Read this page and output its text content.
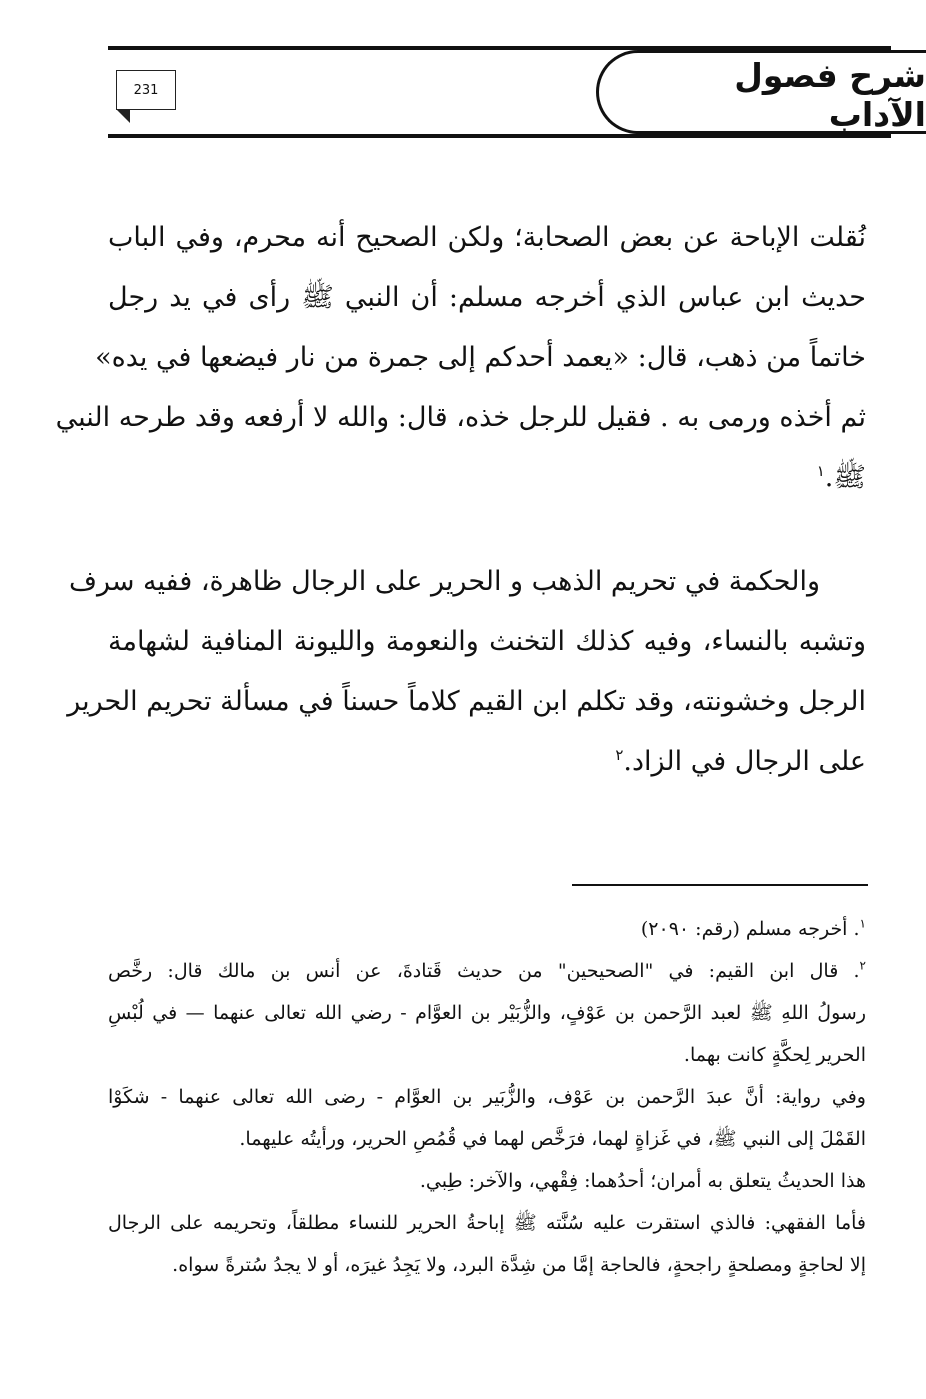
شرح فصول الآداب
231
نُقلت الإباحة عن بعض الصحابة؛ ولكن الصحيح أنه محرم، وفي الباب
حديث ابن عباس الذي أخرجه مسلم: أن النبي ﷺ رأى في يد رجل
خاتماً من ذهب، قال: «يعمد أحدكم إلى جمرة من نار فيضعها في يده»
ثم أخذه ورمى به . فقيل للرجل خذه، قال: والله لا أرفعه وقد طرحه النبي
ﷺ.$^١$
والحكمة في تحريم الذهب و الحرير على الرجال ظاهرة، ففيه سرف
وتشبه بالنساء، وفيه كذلك التخنث والنعومة والليونة المنافية لشهامة
الرجل وخشونته، وقد تكلم ابن القيم كلاماً حسناً في مسألة تحريم الحرير
على الرجال في الزاد.$^٢$
$^١$. أخرجه مسلم (رقم: ٢٠٩٠)
$^٢$. قال ابن القيم: في "الصحيحين" من حديث قَتادةَ، عن أنس بن مالك قال: رخَّص
رسولُ اللهِ ﷺ لعبد الرَّحمن بن عَوْفٍ، والزُّبَيْر بن العوَّام - رضي الله تعالى عنهما — في لُبْسِ
الحرير لِحكَّةٍ كانت بهما.
وفي رواية: أنَّ عبدَ الرَّحمن بن عَوْف، والزُّبَير بن العوَّام - رضى الله تعالى عنهما - شكَوْا
القَمْلَ إلى النبي ﷺ، في غَزاةٍ لهما، فرَخَّص لهما في قُمُصِ الحرير، ورأيتُه عليهما.
هذا الحديثُ يتعلق به أمران؛ أحدُهما: فِقْهي، والآخر: طِبي.
فأما الفقهي: فالذي استقرت عليه سُنَّته ﷺ إباحةُ الحرير للنساء مطلقاً، وتحريمه على الرجال
إلا لحاجةٍ ومصلحةٍ راجحةٍ، فالحاجة إمَّا من شِدَّة البرد، ولا يَجِدُ غيرَه، أو لا يجدُ سُترةً سواه.
